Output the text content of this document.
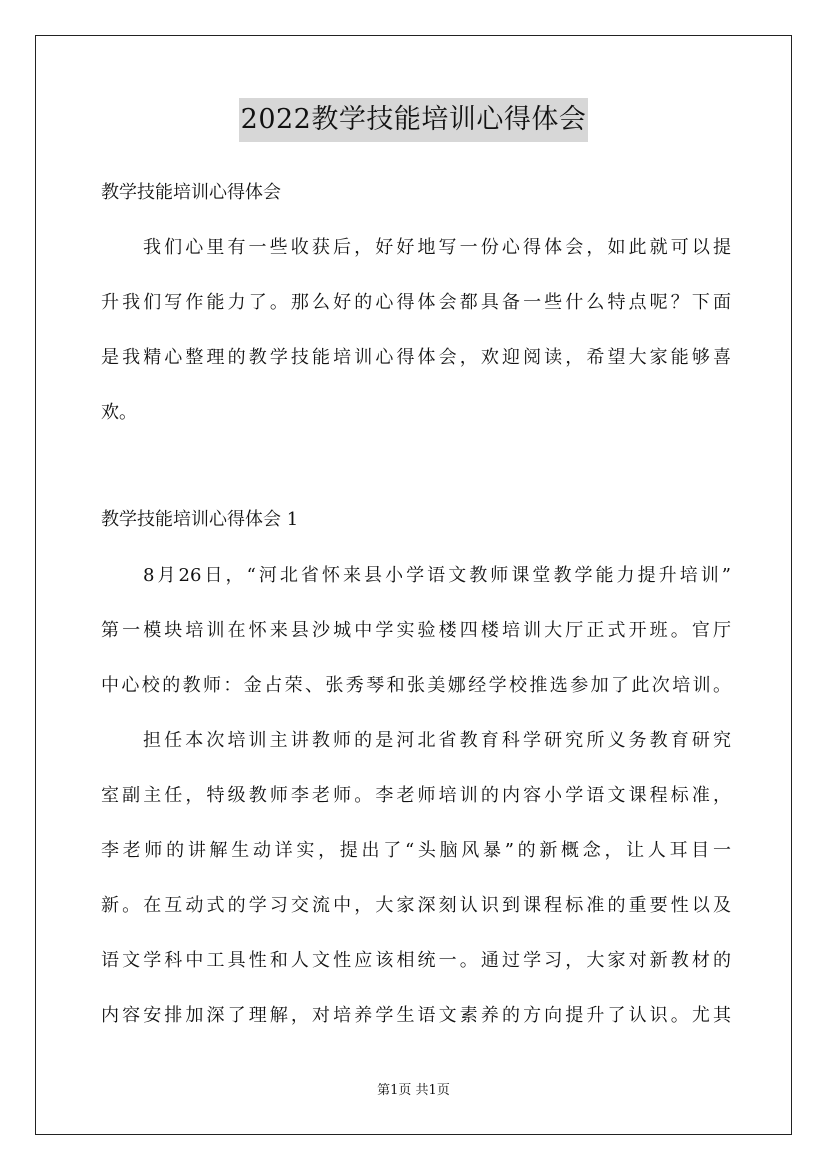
2022教学技能培训心得体会
教学技能培训心得体会
我们心里有一些收获后，好好地写一份心得体会，如此就可以提
升我们写作能力了。那么好的心得体会都具备一些什么特点呢？下面
是我精心整理的教学技能培训心得体会，欢迎阅读，希望大家能够喜
欢。
教学技能培训心得体会 1
8月26日，“河北省怀来县小学语文教师课堂教学能力提升培训”
第一模块培训在怀来县沙城中学实验楼四楼培训大厅正式开班。官厅
中心校的教师：金占荣、张秀琴和张美娜经学校推选参加了此次培训。
担任本次培训主讲教师的是河北省教育科学研究所义务教育研究
室副主任，特级教师李老师。李老师培训的内容小学语文课程标准，
李老师的讲解生动详实，提出了“头脑风暴”的新概念，让人耳目一
新。在互动式的学习交流中，大家深刻认识到课程标准的重要性以及
语文学科中工具性和人文性应该相统一。通过学习，大家对新教材的
内容安排加深了理解，对培养学生语文素养的方向提升了认识。尤其
第1页 共1页
